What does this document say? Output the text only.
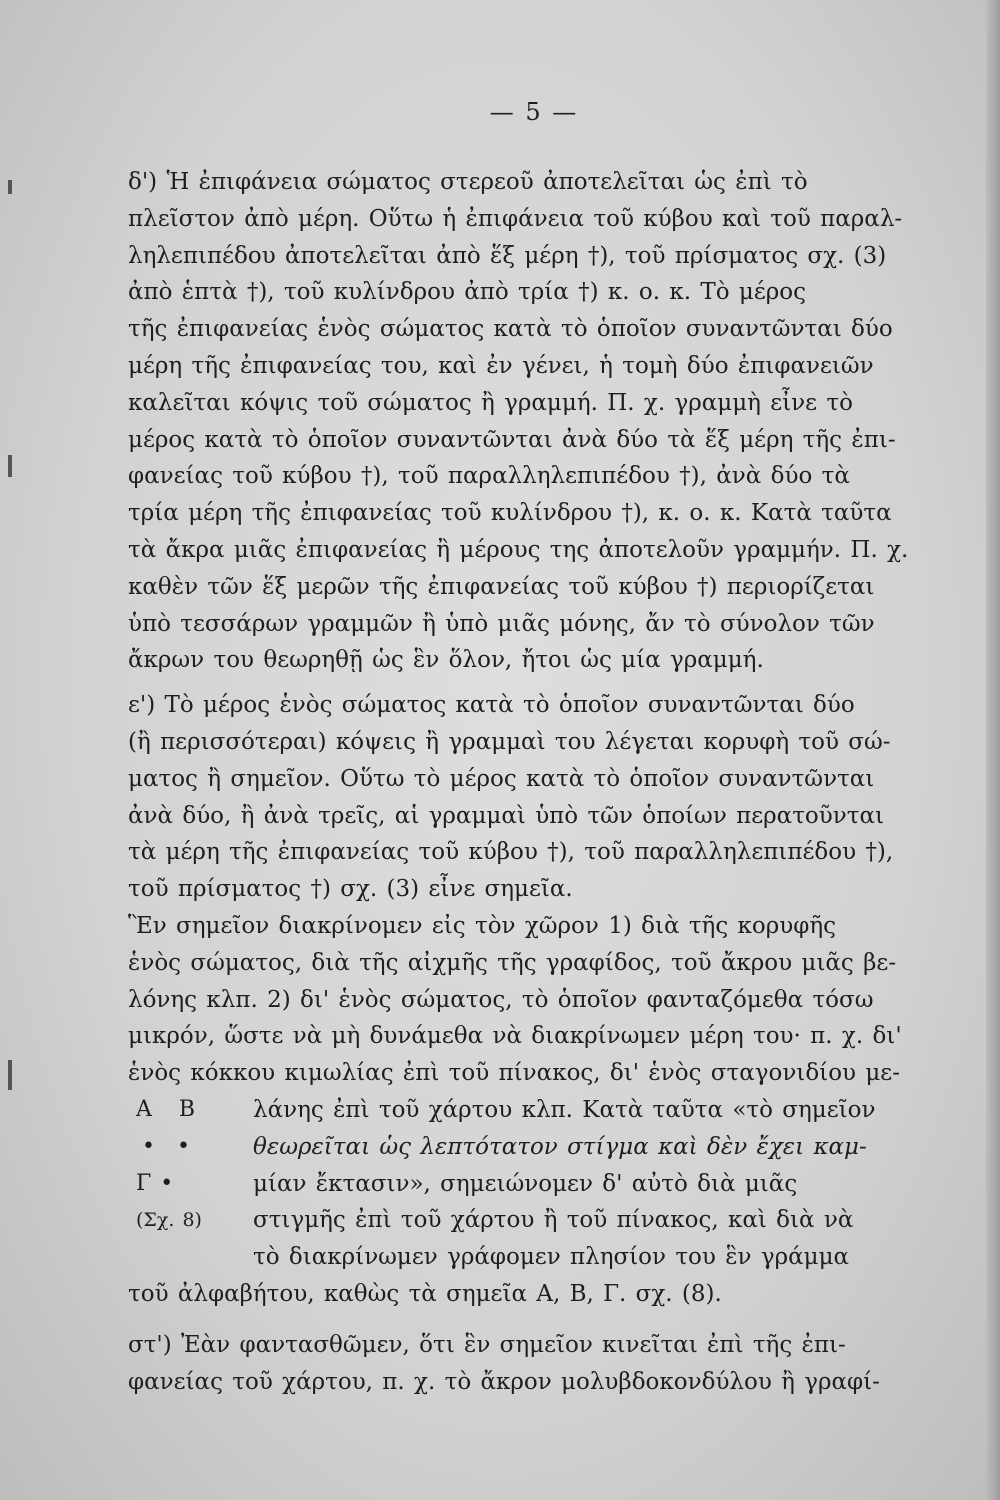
— 5 —
δ') Ἡ ἐπιφάνεια σώματος στερεοῦ ἀποτελεῖται ὡς ἐπὶ τὸ
πλεῖστον ἀπὸ μέρη. Οὕτω ἡ ἐπιφάνεια τοῦ κύβου καὶ τοῦ παραλ-
ληλεπιπέδου ἀποτελεῖται ἀπὸ ἕξ μέρη †), τοῦ πρίσματος σχ. (3)
ἀπὸ ἑπτὰ †), τοῦ κυλίνδρου ἀπὸ τρία †) κ. ο. κ. Τὸ μέρος
τῆς ἐπιφανείας ἑνὸς σώματος κατὰ τὸ ὁποῖον συναντῶνται δύο
μέρη τῆς ἐπιφανείας του, καὶ ἐν γένει, ἡ τομὴ δύο ἐπιφανειῶν
καλεῖται κόψις τοῦ σώματος ἢ γραμμή. Π. χ. γραμμὴ εἶνε τὸ
μέρος κατὰ τὸ ὁποῖον συναντῶνται ἀνὰ δύο τὰ ἕξ μέρη τῆς ἐπι-
φανείας τοῦ κύβου †), τοῦ παραλληλεπιπέδου †), ἀνὰ δύο τὰ
τρία μέρη τῆς ἐπιφανείας τοῦ κυλίνδρου †), κ. ο. κ. Κατὰ ταῦτα
τὰ ἄκρα μιᾶς ἐπιφανείας ἢ μέρους της ἀποτελοῦν γραμμήν. Π. χ.
καθὲν τῶν ἕξ μερῶν τῆς ἐπιφανείας τοῦ κύβου †) περιορίζεται
ὑπὸ τεσσάρων γραμμῶν ἢ ὑπὸ μιᾶς μόνης, ἄν τὸ σύνολον τῶν
ἄκρων του θεωρηθῇ ὡς ἓν ὅλον, ἤτοι ὡς μία γραμμή.
ε') Τὸ μέρος ἑνὸς σώματος κατὰ τὸ ὁποῖον συναντῶνται δύο
(ἢ περισσότεραι) κόψεις ἢ γραμμαὶ του λέγεται κορυφὴ τοῦ σώ-
ματος ἢ σημεῖον. Οὕτω τὸ μέρος κατὰ τὸ ὁποῖον συναντῶνται
ἀνὰ δύο, ἢ ἀνὰ τρεῖς, αἱ γραμμαὶ ὑπὸ τῶν ὁποίων περατοῦνται
τὰ μέρη τῆς ἐπιφανείας τοῦ κύβου †), τοῦ παραλληλεπιπέδου †),
τοῦ πρίσματος †) σχ. (3) εἶνε σημεῖα.
Ἓν σημεῖον διακρίνομεν εἰς τὸν χῶρον 1) διὰ τῆς κορυφῆς
ἑνὸς σώματος, διὰ τῆς αἰχμῆς τῆς γραφίδος, τοῦ ἄκρου μιᾶς βε-
λόνης κλπ. 2) δι' ἑνὸς σώματος, τὸ ὁποῖον φανταζόμεθα τόσω
μικρόν, ὥστε νὰ μὴ δυνάμεθα νὰ διακρίνωμεν μέρη του· π. χ. δι'
ἑνὸς κόκκου κιμωλίας ἐπὶ τοῦ πίνακος, δι' ἑνὸς σταγονιδίου με-
A   B
••
Γ •
(Σχ. 8)
λάνης ἐπὶ τοῦ χάρτου κλπ. Κατὰ ταῦτα «τὸ σημεῖον
θεωρεῖται ὡς λεπτότατον στίγμα καὶ δὲν ἔχει καμ-
μίαν ἔκτασιν», σημειώνομεν δ' αὐτὸ διὰ μιᾶς
στιγμῆς ἐπὶ τοῦ χάρτου ἢ τοῦ πίνακος, καὶ διὰ νὰ
τὸ διακρίνωμεν γράφομεν πλησίον του ἓν γράμμα
τοῦ ἀλφαβήτου, καθὼς τὰ σημεῖα A, B, Γ. σχ. (8).
στ') Ἐὰν φαντασθῶμεν, ὅτι ἓν σημεῖον κινεῖται ἐπὶ τῆς ἐπι-
φανείας τοῦ χάρτου, π. χ. τὸ ἄκρον μολυβδοκονδύλου ἢ γραφί-
